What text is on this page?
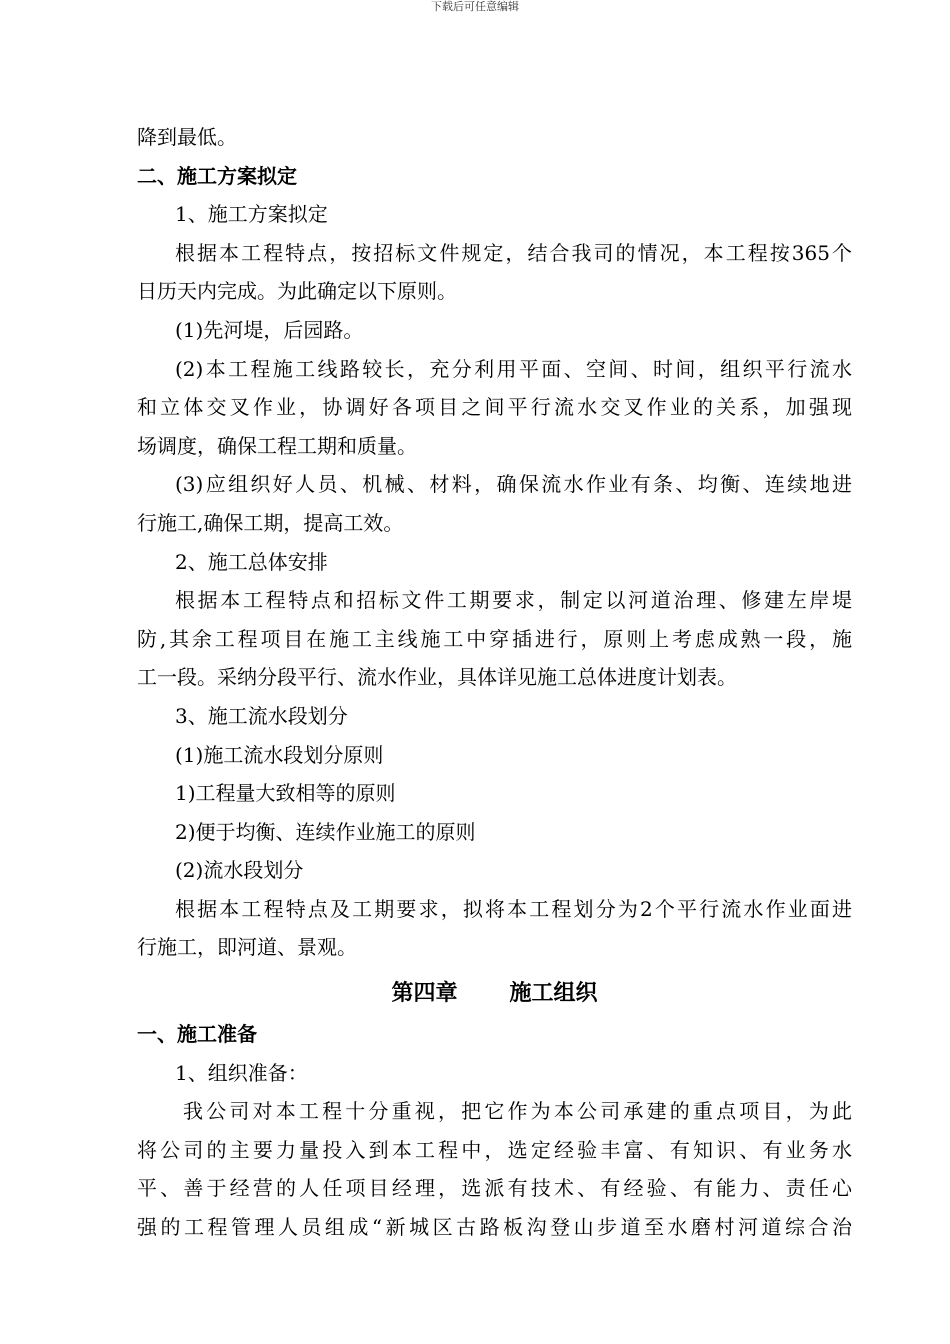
下载后可任意编辑
降到最低。
二、施工方案拟定
1、施工方案拟定
根据本工程特点，按招标文件规定，结合我司的情况，本工程按365个
日历天内完成。为此确定以下原则。
(1)先河堤，后园路。
(2)本工程施工线路较长，充分利用平面、空间、时间，组织平行流水
和立体交叉作业，协调好各项目之间平行流水交叉作业的关系，加强现
场调度，确保工程工期和质量。
(3)应组织好人员、机械、材料，确保流水作业有条、均衡、连续地进
行施工,确保工期，提高工效。
2、施工总体安排
根据本工程特点和招标文件工期要求，制定以河道治理、修建左岸堤
防,其余工程项目在施工主线施工中穿插进行，原则上考虑成熟一段，施
工一段。采纳分段平行、流水作业，具体详见施工总体进度计划表。
3、施工流水段划分
(1)施工流水段划分原则
1)工程量大致相等的原则
2)便于均衡、连续作业施工的原则
(2)流水段划分
根据本工程特点及工期要求，拟将本工程划分为2个平行流水作业面进
行施工，即河道、景观。
第四章 施工组织
一、施工准备
1、组织准备：
我公司对本工程十分重视，把它作为本公司承建的重点项目，为此
将公司的主要力量投入到本工程中，选定经验丰富、有知识、有业务水
平、善于经营的人任项目经理，选派有技术、有经验、有能力、责任心
强的工程管理人员组成“新城区古路板沟登山步道至水磨村河道综合治
